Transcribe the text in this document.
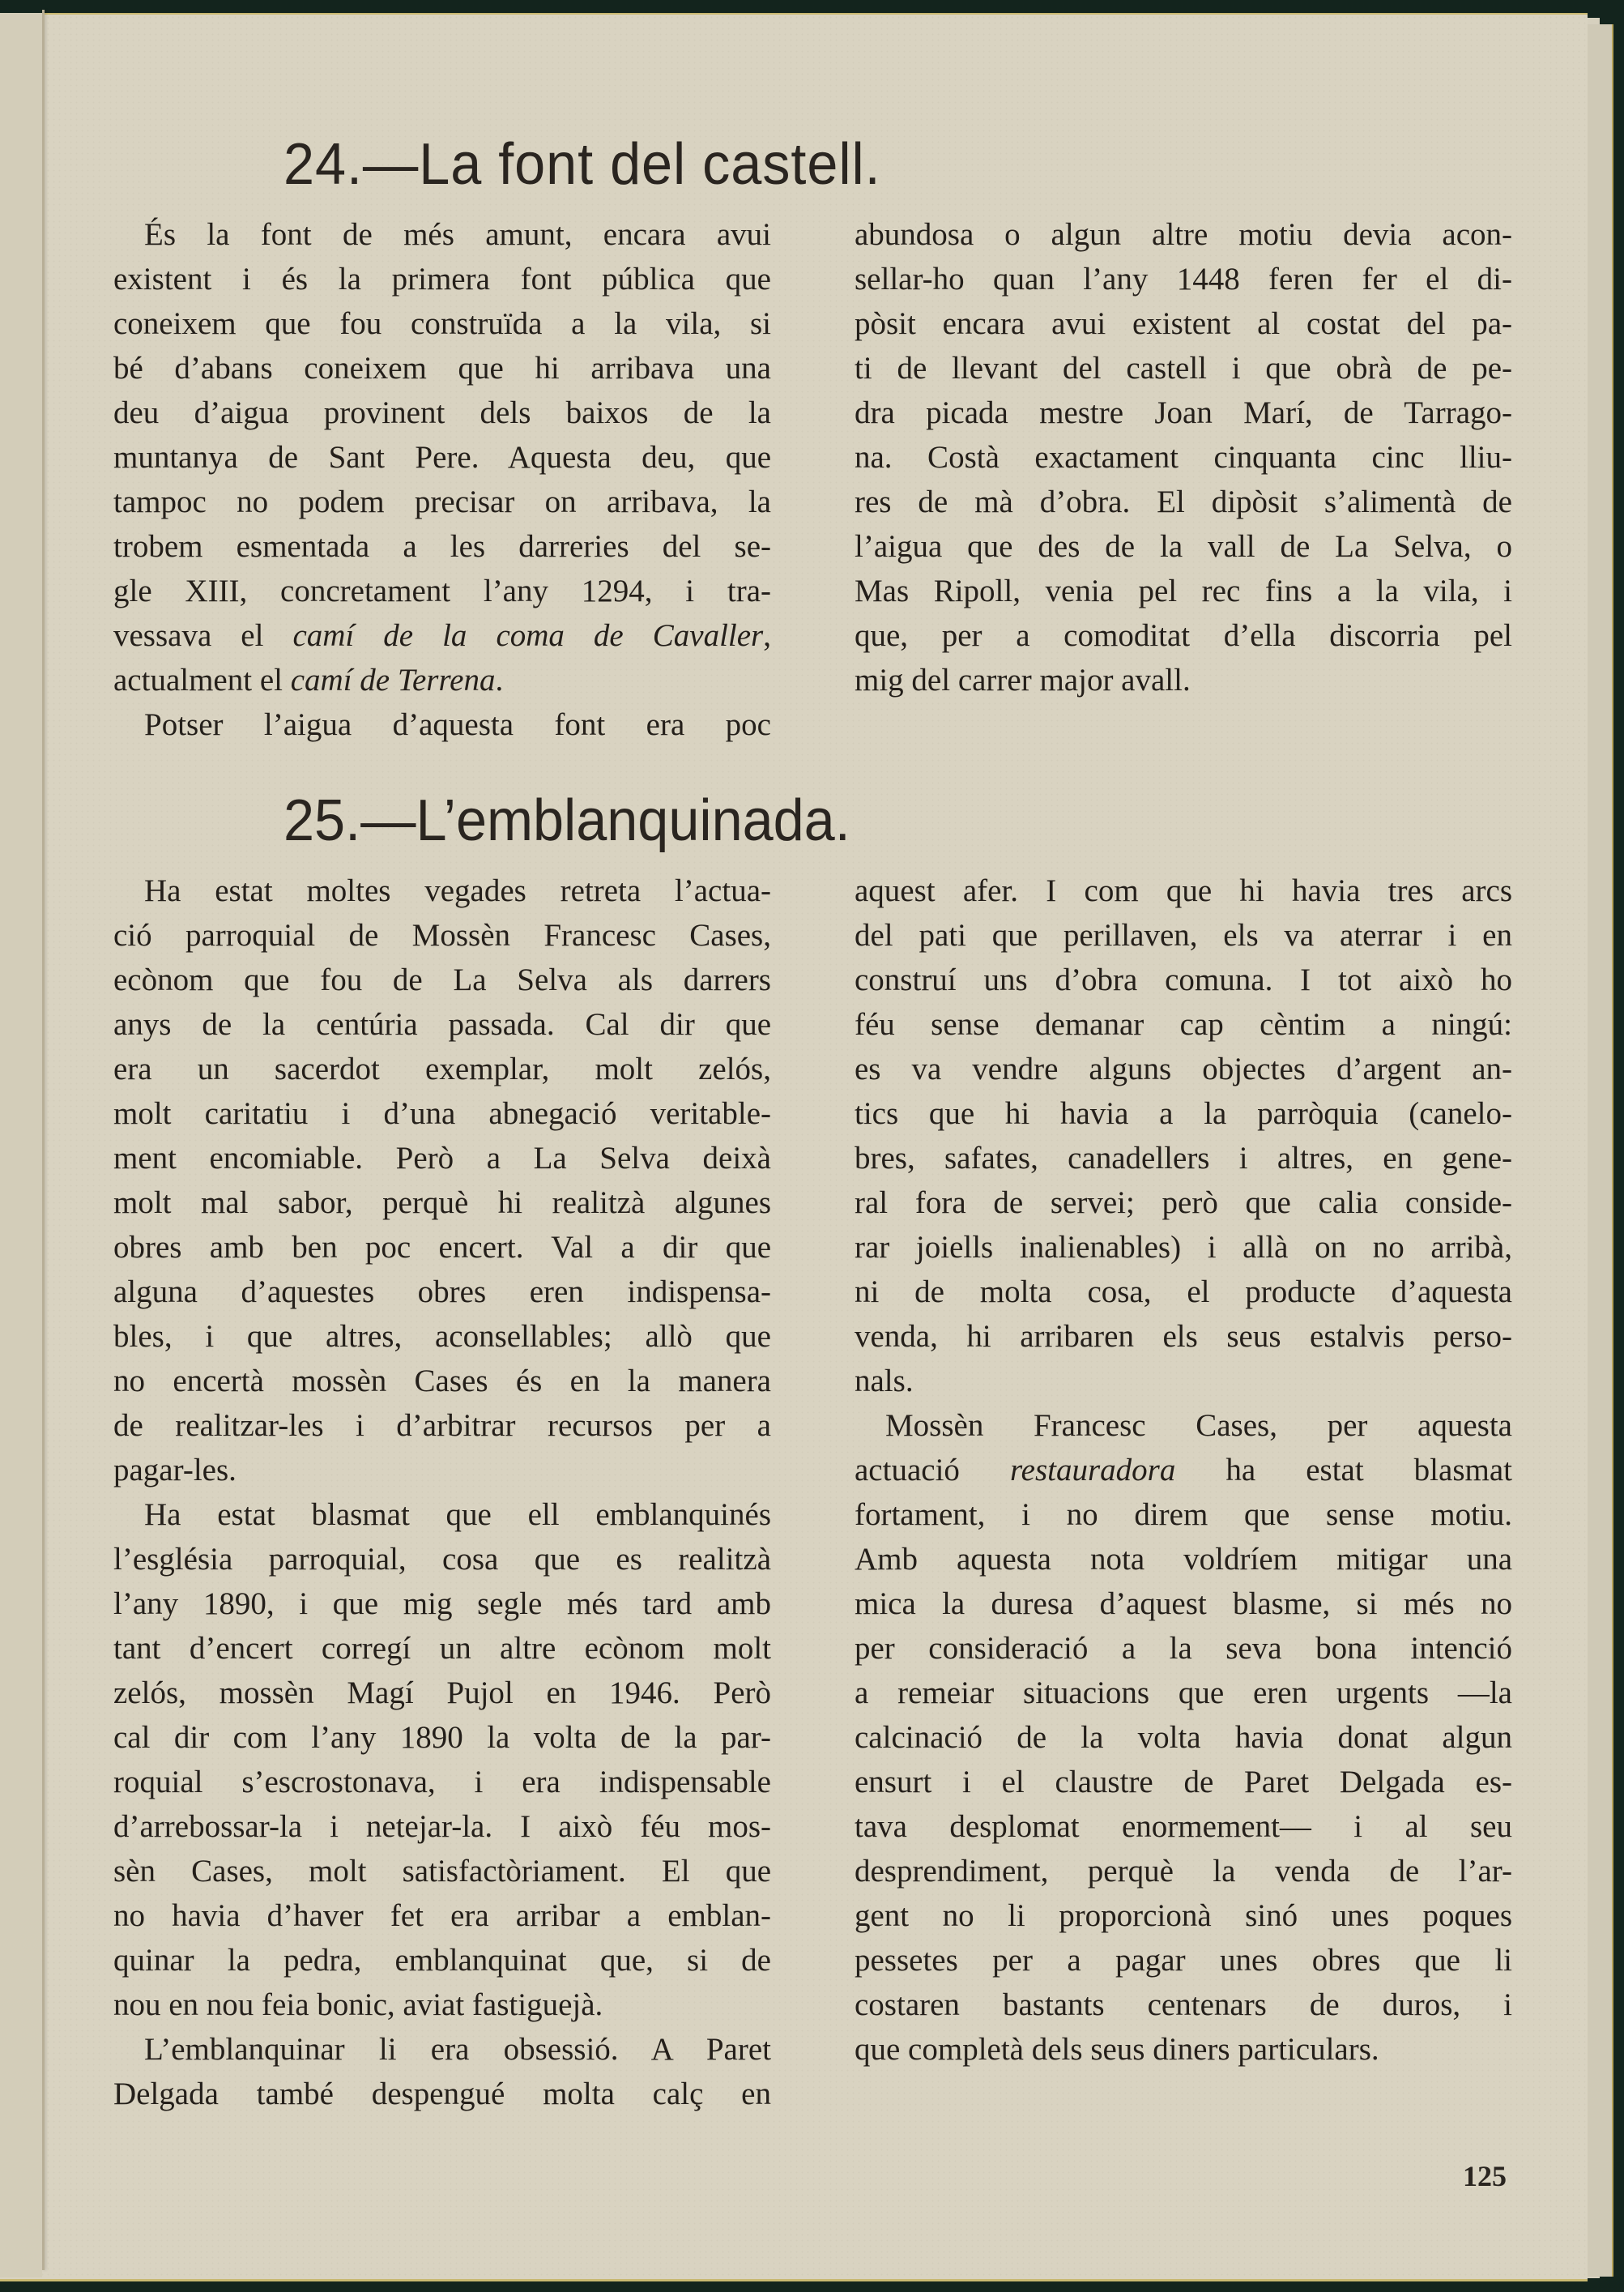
24.—La font del castell.
És la font de més amunt, encara avui
existent i és la primera font pública que
coneixem que fou construïda a la vila, si
bé d’abans coneixem que hi arribava una
deu d’aigua provinent dels baixos de la
muntanya de Sant Pere. Aquesta deu, que
tampoc no podem precisar on arribava, la
trobem esmentada a les darreries del se-
gle XIII, concretament l’any 1294, i tra-
vessava el camí de la coma de Cavaller,
actualment el camí de Terrena.
Potser l’aigua d’aquesta font era poc
abundosa o algun altre motiu devia acon-
sellar-ho quan l’any 1448 feren fer el di-
pòsit encara avui existent al costat del pa-
ti de llevant del castell i que obrà de pe-
dra picada mestre Joan Marí, de Tarrago-
na. Costà exactament cinquanta cinc lliu-
res de mà d’obra. El dipòsit s’alimentà de
l’aigua que des de la vall de La Selva, o
Mas Ripoll, venia pel rec fins a la vila, i
que, per a comoditat d’ella discorria pel
mig del carrer major avall.
25.—L’emblanquinada.
Ha estat moltes vegades retreta l’actua-
ció parroquial de Mossèn Francesc Cases,
ecònom que fou de La Selva als darrers
anys de la centúria passada. Cal dir que
era un sacerdot exemplar, molt zelós,
molt caritatiu i d’una abnegació veritable-
ment encomiable. Però a La Selva deixà
molt mal sabor, perquè hi realitzà algunes
obres amb ben poc encert. Val a dir que
alguna d’aquestes obres eren indispensa-
bles, i que altres, aconsellables; allò que
no encertà mossèn Cases és en la manera
de realitzar-les i d’arbitrar recursos per a
pagar-les.
Ha estat blasmat que ell emblanquinés
l’església parroquial, cosa que es realitzà
l’any 1890, i que mig segle més tard amb
tant d’encert corregí un altre ecònom molt
zelós, mossèn Magí Pujol en 1946. Però
cal dir com l’any 1890 la volta de la par-
roquial s’escrostonava, i era indispensable
d’arrebossar-la i netejar-la. I això féu mos-
sèn Cases, molt satisfactòriament. El que
no havia d’haver fet era arribar a emblan-
quinar la pedra, emblanquinat que, si de
nou en nou feia bonic, aviat fastiguejà.
L’emblanquinar li era obsessió. A Paret
Delgada també despengué molta calç en
aquest afer. I com que hi havia tres arcs
del pati que perillaven, els va aterrar i en
construí uns d’obra comuna. I tot això ho
féu sense demanar cap cèntim a ningú:
es va vendre alguns objectes d’argent an-
tics que hi havia a la parròquia (canelo-
bres, safates, canadellers i altres, en gene-
ral fora de servei; però que calia conside-
rar joiells inalienables) i allà on no arribà,
ni de molta cosa, el producte d’aquesta
venda, hi arribaren els seus estalvis perso-
nals.
Mossèn Francesc Cases, per aquesta
actuació restauradora ha estat blasmat
fortament, i no direm que sense motiu.
Amb aquesta nota voldríem mitigar una
mica la duresa d’aquest blasme, si més no
per consideració a la seva bona intenció
a remeiar situacions que eren urgents —la
calcinació de la volta havia donat algun
ensurt i el claustre de Paret Delgada es-
tava desplomat enormement— i al seu
desprendiment, perquè la venda de l’ar-
gent no li proporcionà sinó unes poques
pessetes per a pagar unes obres que li
costaren bastants centenars de duros, i
que completà dels seus diners particulars.
125
